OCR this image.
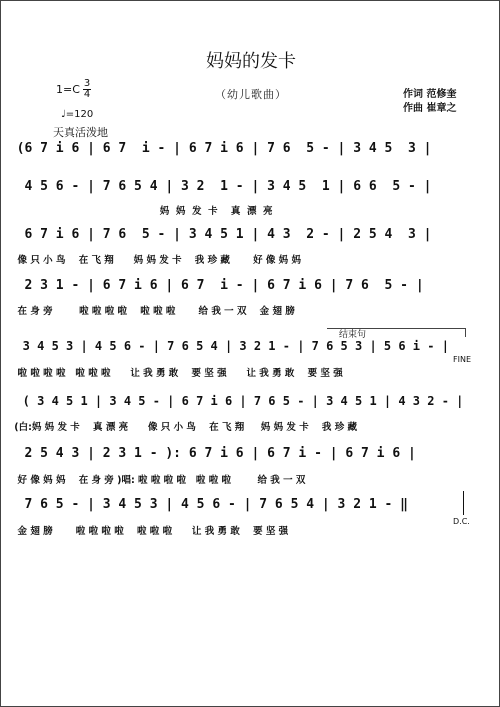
妈妈的发卡
（幼儿歌曲）	作词 范修奎
作曲 崔章之
1=C 3
4
♩=120
天真活泼地
(6 7 i 6 | 6 7  i - | 6 7 i 6 | 7 6  5 - | 3 4 5  3 |
4 5 6 - | 7 6 5 4 | 3 2  1 - | 3 4 5  1 | 6 6  5 - |
妈  妈  发  卡    真  漂  亮
6 7 i 6 | 7 6  5 - | 3 4 5 1 | 4 3  2 - | 2 5 4  3 |
像 只 小 鸟    在 飞 翔      妈 妈 发 卡    我 珍 藏       好 像 妈 妈
2 3 1 - | 6 7 i 6 | 6 7  i - | 6 7 i 6 | 7 6  5 - |
在 身 旁        啦 啦 啦 啦    啦 啦 啦       给 我 一 双    金 翅 膀
结束句
3 4 5 3 | 4 5 6 - | 7 6 5 4 | 3 2 1 - | 7 6 5 3 | 5 6 i - |
啦 啦 啦 啦   啦 啦 啦      让 我 勇 敢    要 坚 强      让 我 勇 敢    要 坚 强
FINE
( 3 4 5 1 | 3 4 5 - | 6 7 i 6 | 7 6 5 - | 3 4 5 1 | 4 3 2 - |
(白:妈 妈 发 卡    真 漂 亮      像 只 小 鸟    在 飞 翔     妈 妈 发 卡    我 珍 藏
2 5 4 3 | 2 3 1 - ): 6 7 i 6 | 6 7 i - | 6 7 i 6 |
好 像 妈 妈    在 身 旁 )唱: 啦 啦 啦 啦   啦 啦 啦        给 我 一 双
7 6 5 - | 3 4 5 3 | 4 5 6 - | 7 6 5 4 | 3 2 1 - ‖
金 翅 膀       啦 啦 啦 啦    啦 啦 啦      让 我 勇 敢    要 坚 强
D.C.
